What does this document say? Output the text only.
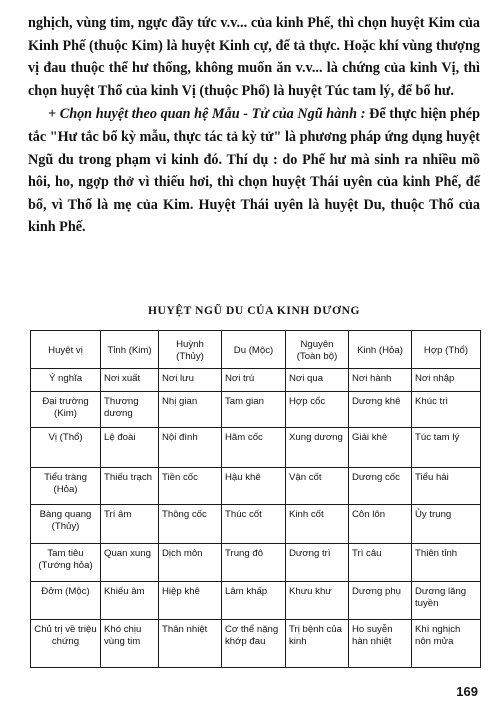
nghịch, vùng tim, ngực đầy tức v.v... của kinh Phế, thì chọn huyệt Kim của Kinh Phế (thuộc Kim) là huyệt Kinh cự, để tả thực. Hoặc khí vùng thượng vị đau thuộc thể hư thống, không muốn ăn v.v... là chứng của kinh Vị, thì chọn huyệt Thổ của kinh Vị (thuộc Phổ) là huyệt Túc tam lý, để bổ hư.

+ Chọn huyệt theo quan hệ Mẫu - Tử của Ngũ hành : Để thực hiện phép tắc "Hư tắc bổ kỳ mẫu, thực tác tả kỳ tử" là phương pháp ứng dụng huyệt Ngũ du trong phạm vi kinh đó. Thí dụ : do Phế hư mà sinh ra nhiều mồ hôi, ho, ngợp thở vì thiếu hơi, thì chọn huyệt Thái uyên của kinh Phế, để bổ, vì Thổ là mẹ của Kim. Huyệt Thái uyên là huyệt Du, thuộc Thổ của kinh Phế.

HUYỆT NGŨ DU CỦA KINH DƯƠNG
Huyệt vị	Tỉnh (Kim)	Huỳnh (Thủy)	Du (Mộc)	Nguyên (Toàn bộ)	Kinh (Hỏa)	Hợp (Thổ)
Ý nghĩa	Nơi xuất	Nơi lưu	Nơi trú	Nơi qua	Nơi hành	Nơi nhập
Đại trường (Kim)	Thương dương	Nhị gian	Tam gian	Hợp cốc	Dương khê	Khúc trì
Vị (Thổ)	Lệ đoài	Nội đình	Hãm cốc	Xung dương	Giải khê	Túc tam lý
Tiểu tràng (Hỏa)	Thiếu trạch	Tiền cốc	Hậu khê	Vận cốt	Dương cốc	Tiểu hải
Bàng quang (Thủy)	Trí âm	Thông cốc	Thúc cốt	Kinh cốt	Côn lôn	Ủy trung
Tam tiêu (Tướng hỏa)	Quan xung	Dịch môn	Trung đô	Dương trì	Trì câu	Thiên tỉnh
Đởm (Mộc)	Khiếu âm	Hiệp khê	Lâm khấp	Khưu khư	Dương phụ	Dương lăng tuyền
Chủ trị về triệu chứng	Khó chịu vùng tim	Thân nhiệt	Cơ thể nặng khớp đau	Trị bệnh của kinh	Ho suyễn hàn nhiệt	Khí nghịch nôn mửa
169
